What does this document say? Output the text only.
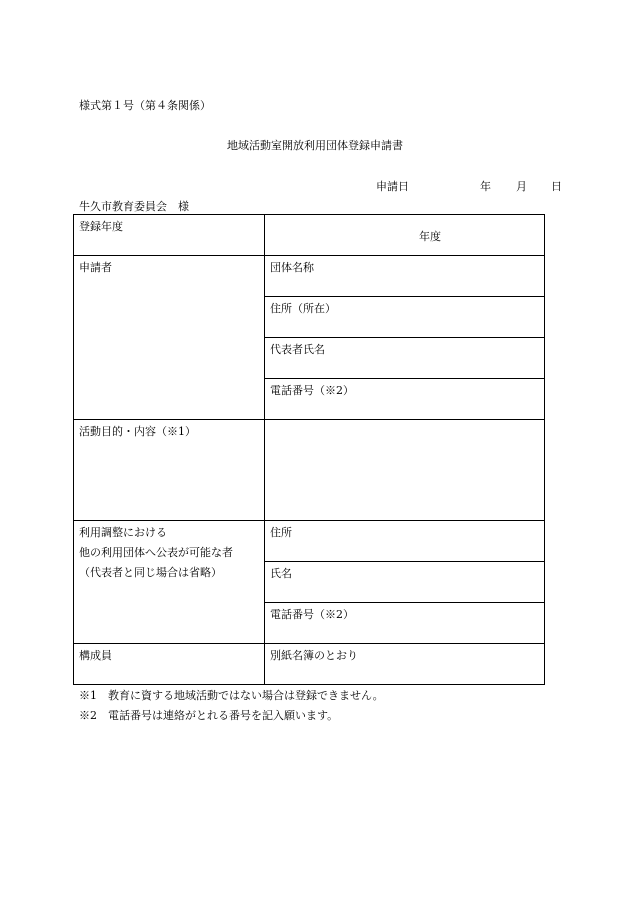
様式第１号（第４条関係）
地域活動室開放利用団体登録申請書
申請日	年 月 日
牛久市教育委員会　様
登録年度	年度

申請者	団体名称
	住所（所在）
	代表者氏名
	電話番号（※2）
活動目的・内容（※1）	

利用調整における
他の利用団体へ公表が可能な者
（代表者と同じ場合は省略）	住所
	氏名
	電話番号（※2）
構成員	別紙名簿のとおり
※1　教育に資する地域活動ではない場合は登録できません。
※2　電話番号は連絡がとれる番号を記入願います。
